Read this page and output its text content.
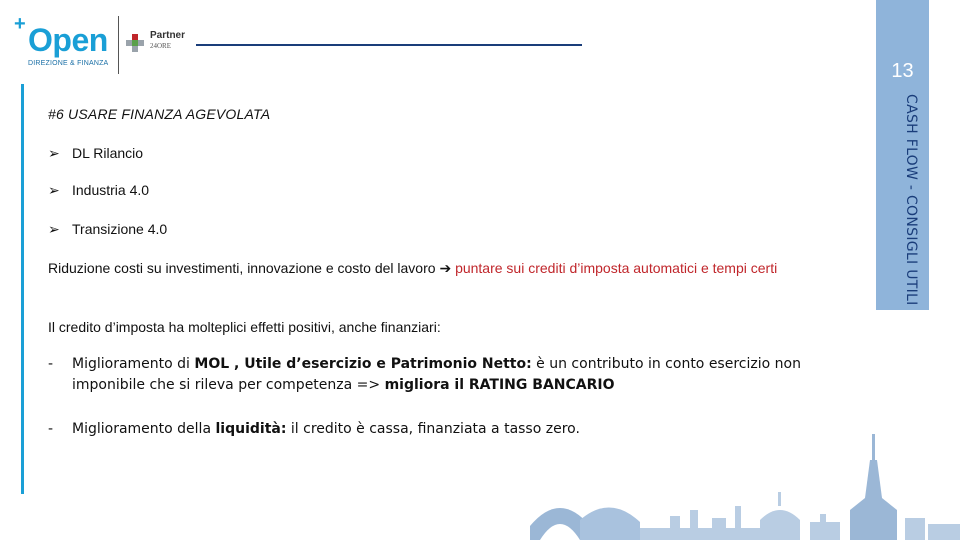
+ Open
DIREZIONE & FINANZA
Partner
24ORE
13
CASH FLOW - CONSIGLI UTILI
#6 USARE FINANZA AGEVOLATA
➢ DL Rilancio
➢ Industria 4.0
➢ Transizione 4.0
Riduzione costi su investimenti, innovazione e costo del lavoro ➔ puntare sui crediti d’imposta automatici e tempi certi
Il credito d’imposta ha molteplici effetti positivi, anche finanziari:
- Miglioramento di MOL , Utile d’esercizio e Patrimonio Netto: è un contributo in conto esercizio non imponibile che si rileva per competenza => migliora il RATING BANCARIO
- Miglioramento della liquidità: il credito è cassa, finanziata a tasso zero.
